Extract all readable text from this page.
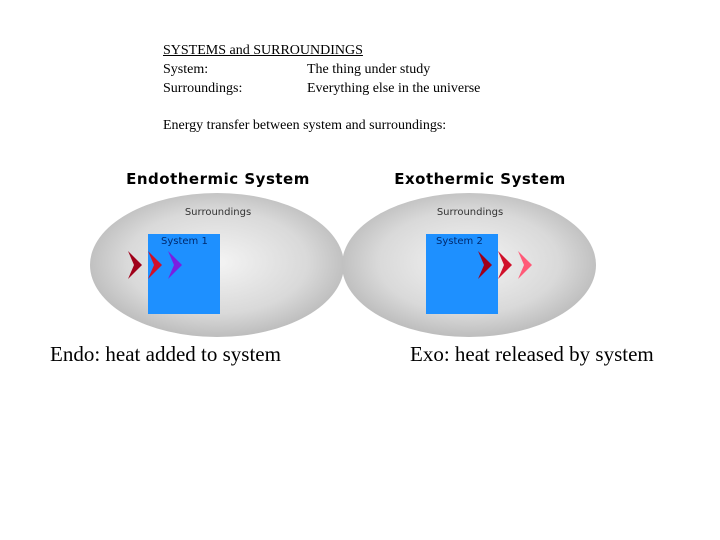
SYSTEMS and SURROUNDINGS
System:	The thing under study
Surroundings:	Everything else in the universe
Energy transfer between system and surroundings:
Endothermic System
Surroundings
System 1
Exothermic System
Surroundings
System 2
Endo: heat added to system	Exo: heat released by system
